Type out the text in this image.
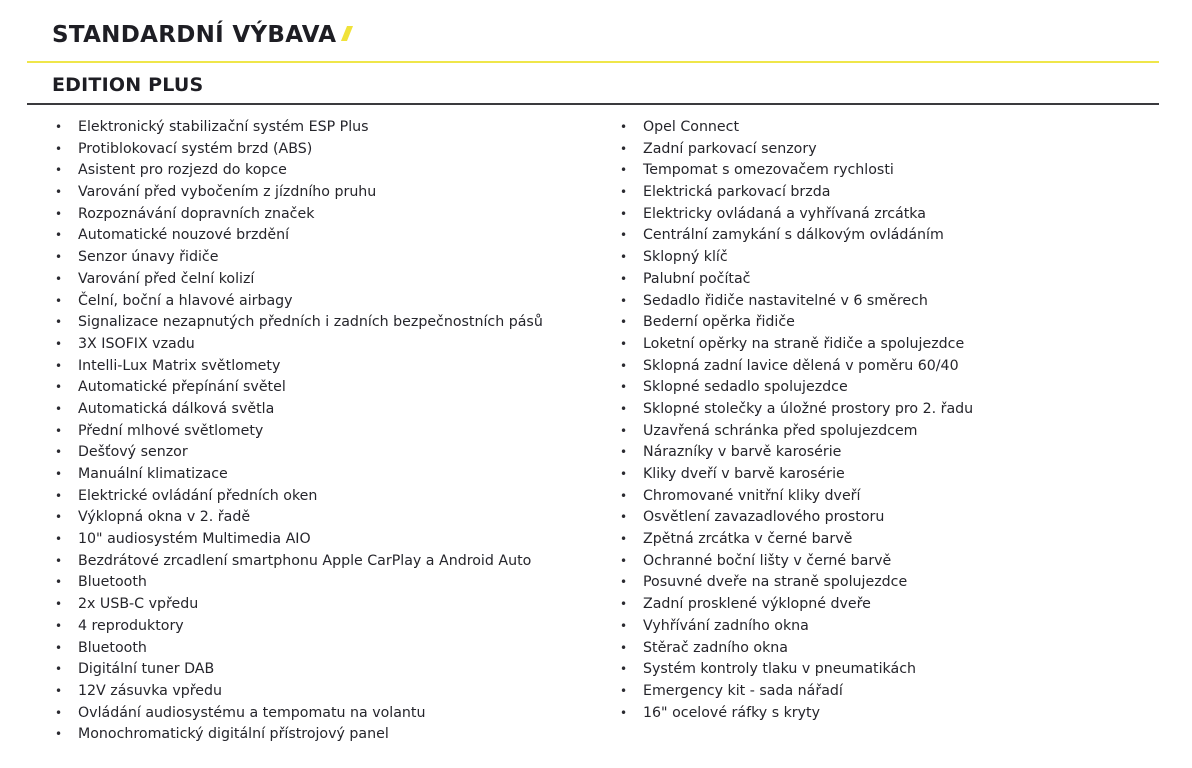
STANDARDNÍ VÝBAVA
EDITION PLUS
• Elektronický stabilizační systém ESP Plus
• Protiblokovací systém brzd (ABS)
• Asistent pro rozjezd do kopce
• Varování před vybočením z jízdního pruhu
• Rozpoznávání dopravních značek
• Automatické nouzové brzdění
• Senzor únavy řidiče
• Varování před čelní kolizí
• Čelní, boční a hlavové airbagy
• Signalizace nezapnutých předních i zadních bezpečnostních pásů
• 3X ISOFIX vzadu
• Intelli-Lux Matrix světlomety
• Automatické přepínání světel
• Automatická dálková světla
• Přední mlhové světlomety
• Dešťový senzor
• Manuální klimatizace
• Elektrické ovládání předních oken
• Výklopná okna v 2. řadě
• 10" audiosystém Multimedia AIO
• Bezdrátové zrcadlení smartphonu Apple CarPlay a Android Auto
• Bluetooth
• 2x USB-C vpředu
• 4 reproduktory
• Bluetooth
• Digitální tuner DAB
• 12V zásuvka vpředu
• Ovládání audiosystému a tempomatu na volantu
• Monochromatický digitální přístrojový panel
• Opel Connect
• Zadní parkovací senzory
• Tempomat s omezovačem rychlosti
• Elektrická parkovací brzda
• Elektricky ovládaná a vyhřívaná zrcátka
• Centrální zamykání s dálkovým ovládáním
• Sklopný klíč
• Palubní počítač
• Sedadlo řidiče nastavitelné v 6 směrech
• Bederní opěrka řidiče
• Loketní opěrky na straně řidiče a spolujezdce
• Sklopná zadní lavice dělená v poměru 60/40
• Sklopné sedadlo spolujezdce
• Sklopné stolečky a úložné prostory pro 2. řadu
• Uzavřená schránka před spolujezdcem
• Nárazníky v barvě karosérie
• Kliky dveří v barvě karosérie
• Chromované vnitřní kliky dveří
• Osvětlení zavazadlového prostoru
• Zpětná zrcátka v černé barvě
• Ochranné boční lišty v černé barvě
• Posuvné dveře na straně spolujezdce
• Zadní prosklené výklopné dveře
• Vyhřívání zadního okna
• Stěrač zadního okna
• Systém kontroly tlaku v pneumatikách
• Emergency kit - sada nářadí
• 16" ocelové ráfky s kryty
